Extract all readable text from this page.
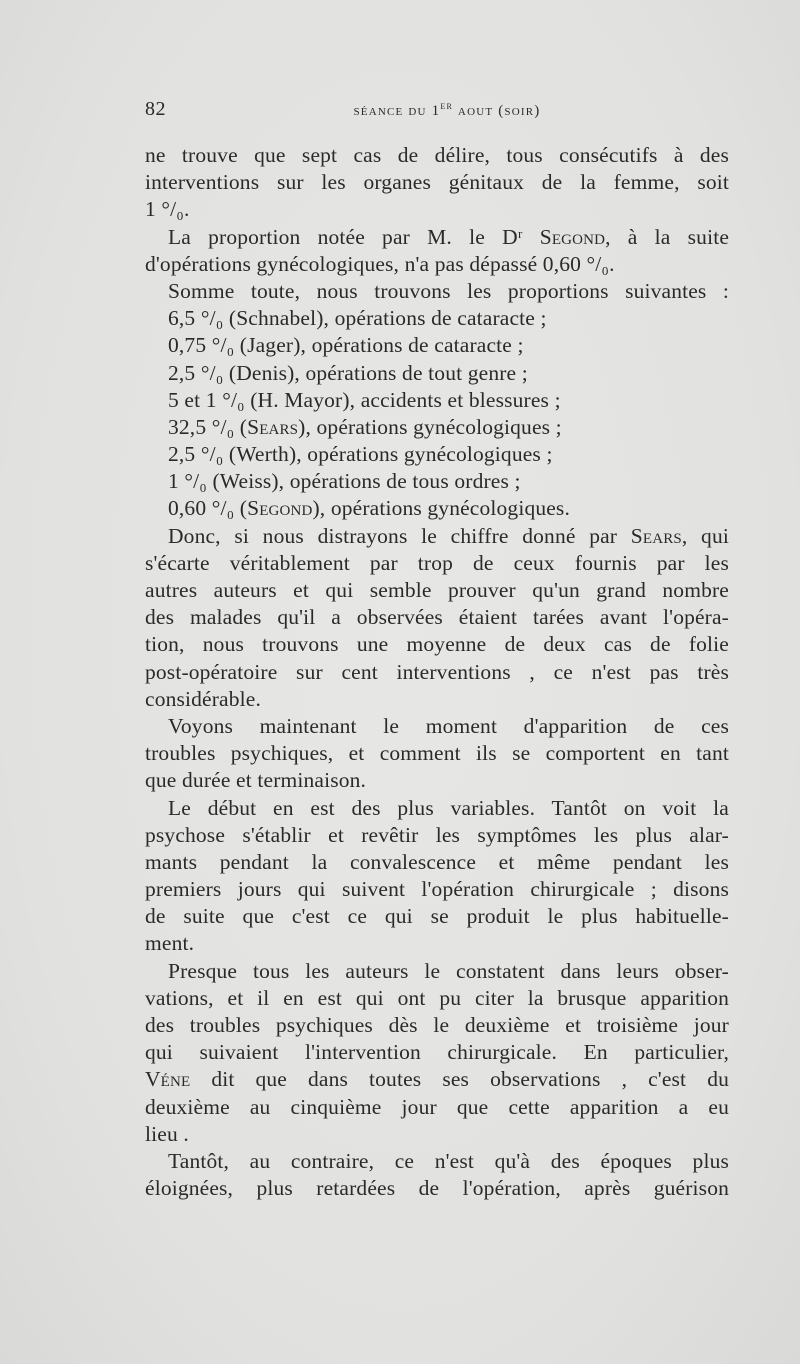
82	séance du 1er aout (soir)
ne trouve que sept cas de délire, tous consécutifs à des
interventions sur les organes génitaux de la femme, soit
1 °/₀.
La proportion notée par M. le Dʳ Segond, à la suite
d'opérations gynécologiques, n'a pas dépassé 0,60 °/₀.
Somme toute, nous trouvons les proportions suivantes :
6,5 °/₀ (Schnabel), opérations de cataracte ;
0,75 °/₀ (Jager), opérations de cataracte ;
2,5 °/₀ (Denis), opérations de tout genre ;
5 et 1 °/₀ (H. Mayor), accidents et blessures ;
32,5 °/₀ (Sears), opérations gynécologiques ;
2,5 °/₀ (Werth), opérations gynécologiques ;
1 °/₀ (Weiss), opérations de tous ordres ;
0,60 °/₀ (Segond), opérations gynécologiques.
Donc, si nous distrayons le chiffre donné par Sears, qui
s'écarte véritablement par trop de ceux fournis par les
autres auteurs et qui semble prouver qu'un grand nombre
des malades qu'il a observées étaient tarées avant l'opéra-
tion, nous trouvons une moyenne de deux cas de folie
post-opératoire sur cent interventions , ce n'est pas très
considérable.
Voyons maintenant le moment d'apparition de ces
troubles psychiques, et comment ils se comportent en tant
que durée et terminaison.
Le début en est des plus variables. Tantôt on voit la
psychose s'établir et revêtir les symptômes les plus alar-
mants pendant la convalescence et même pendant les
premiers jours qui suivent l'opération chirurgicale ; disons
de suite que c'est ce qui se produit le plus habituelle-
ment.
Presque tous les auteurs le constatent dans leurs obser-
vations, et il en est qui ont pu citer la brusque apparition
des troubles psychiques dès le deuxième et troisième jour
qui suivaient l'intervention chirurgicale. En particulier,
Véne dit que dans toutes ses observations , c'est du
deuxième au cinquième jour que cette apparition a eu
lieu .
Tantôt, au contraire, ce n'est qu'à des époques plus
éloignées, plus retardées de l'opération, après guérison
